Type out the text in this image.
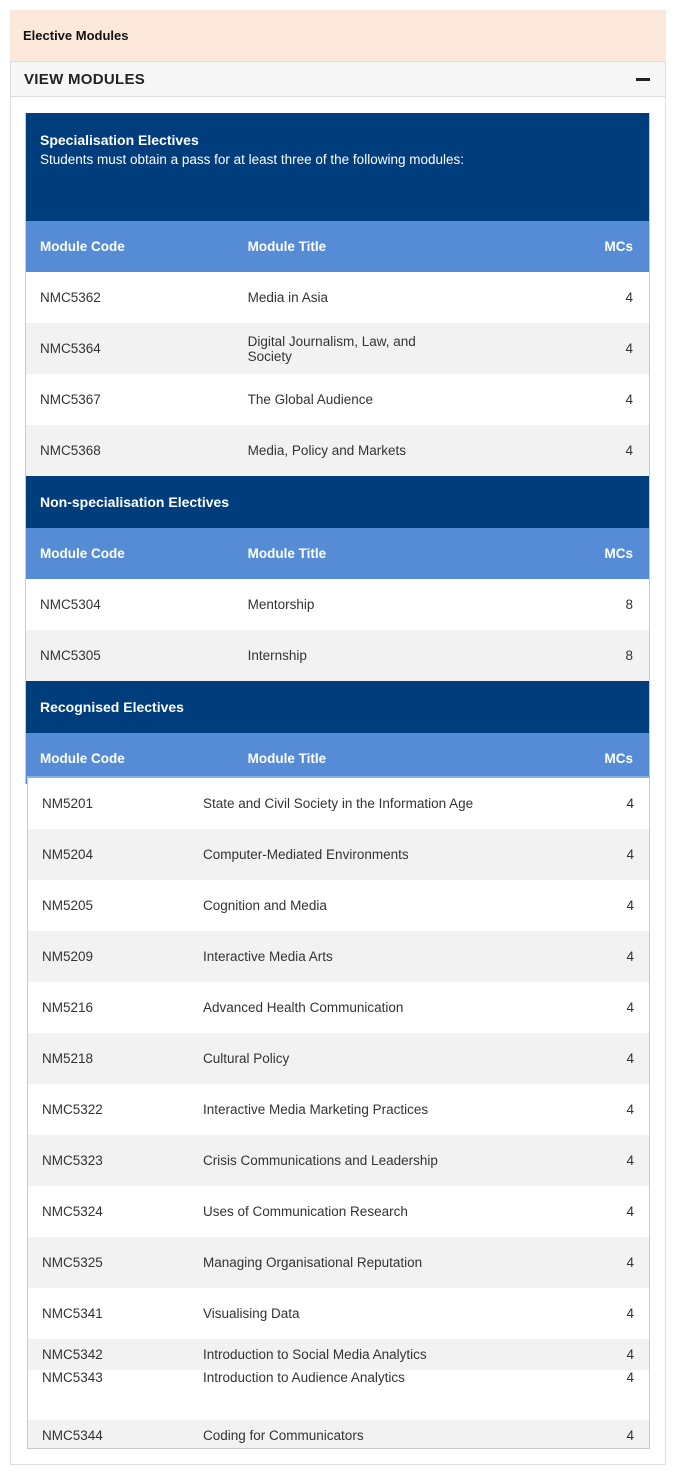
Elective Modules
VIEW MODULES
Specialisation Electives
Students must obtain a pass for at least three of the following modules:		

Module Code	Module Title	MCs
NMC5362	Media in Asia	4
NMC5364	Digital Journalism, Law, and Society	4
NMC5367	The Global Audience	4
NMC5368	Media, Policy and Markets	4
Non-specialisation Electives		
Module Code	Module Title	MCs
NMC5304	Mentorship	8
NMC5305	Internship	8
Recognised Electives		
Module Code	Module Title	MCs
NM5201	State and Civil Society in the Information Age	4
NM5204	Computer-Mediated Environments	4
NM5205	Cognition and Media	4
NM5209	Interactive Media Arts	4
NM5216	Advanced Health Communication	4
NM5218	Cultural Policy	4
NMC5322	Interactive Media Marketing Practices	4
NMC5323	Crisis Communications and Leadership	4
NMC5324	Uses of Communication Research	4
NMC5325	Managing Organisational Reputation	4
NMC5341	Visualising Data	4
NMC5342	Introduction to Social Media Analytics	4
NMC5343	Introduction to Audience Analytics	4
NMC5344	Coding for Communicators	4
